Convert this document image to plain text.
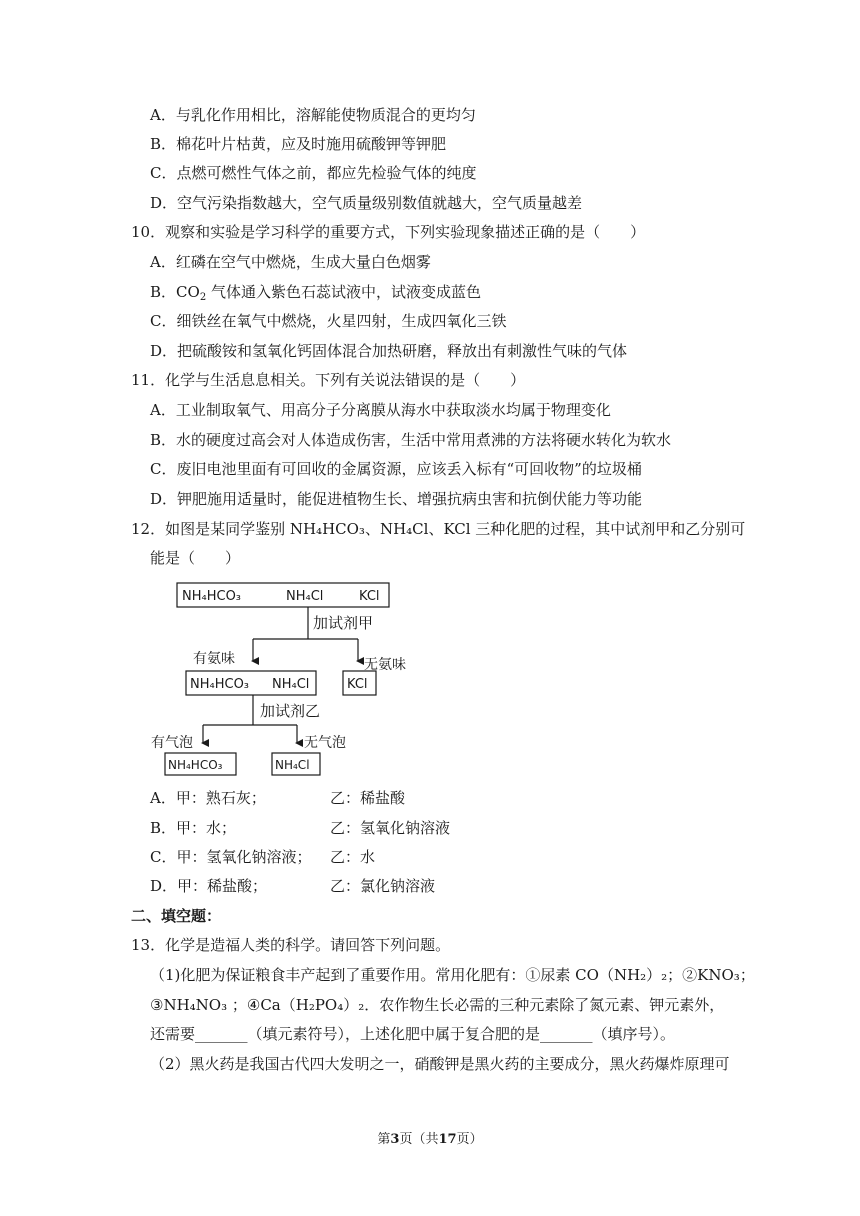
A．与乳化作用相比，溶解能使物质混合的更均匀
B．棉花叶片枯黄，应及时施用硫酸钾等钾肥
C．点燃可燃性气体之前，都应先检验气体的纯度
D．空气污染指数越大，空气质量级别数值就越大，空气质量越差
10．观察和实验是学习科学的重要方式，下列实验现象描述正确的是（　　）
A．红磷在空气中燃烧，生成大量白色烟雾
B．$CO_2$ 气体通入紫色石蕊试液中，试液变成蓝色
C．细铁丝在氧气中燃烧，火星四射，生成四氧化三铁
D．把硫酸铵和氢氧化钙固体混合加热研磨，释放出有刺激性气味的气体
11．化学与生活息息相关。下列有关说法错误的是（　　）
A．工业制取氧气、用高分子分离膜从海水中获取淡水均属于物理变化
B．水的硬度过高会对人体造成伤害，生活中常用煮沸的方法将硬水转化为软水
C．废旧电池里面有可回收的金属资源，应该丢入标有“可回收物”的垃圾桶
D．钾肥施用适量时，能促进植物生长、增强抗病虫害和抗倒伏能力等功能
12．如图是某同学鉴别 NH₄HCO₃、NH₄Cl、KCl 三种化肥的过程，其中试剂甲和乙分别可
能是（　　）
NH₄HCO₃	NH₄Cl	KCl
加试剂甲
有氨味	无氨味
NH₄HCO₃ NH₄Cl	KCl
加试剂乙
有气泡	无气泡
NH₄HCO₃	NH₄Cl
A．甲：熟石灰；	乙：稀盐酸
B．甲：水；	乙：氢氧化钠溶液
C．甲：氢氧化钠溶液； 乙：水
D．甲：稀盐酸；	乙：氯化钠溶液
二、填空题：
13．化学是造福人类的科学。请回答下列问题。
（1)化肥为保证粮食丰产起到了重要作用。常用化肥有：①尿素 CO（NH₂）₂；②KNO₃；
③NH₄NO₃ ；④Ca（H₂PO₄）₂．农作物生长必需的三种元素除了氮元素、钾元素外，
还需要_______（填元素符号），上述化肥中属于复合肥的是_______（填序号）。
（2）黑火药是我国古代四大发明之一，硝酸钾是黑火药的主要成分，黑火药爆炸原理可
第3页（共17页）
